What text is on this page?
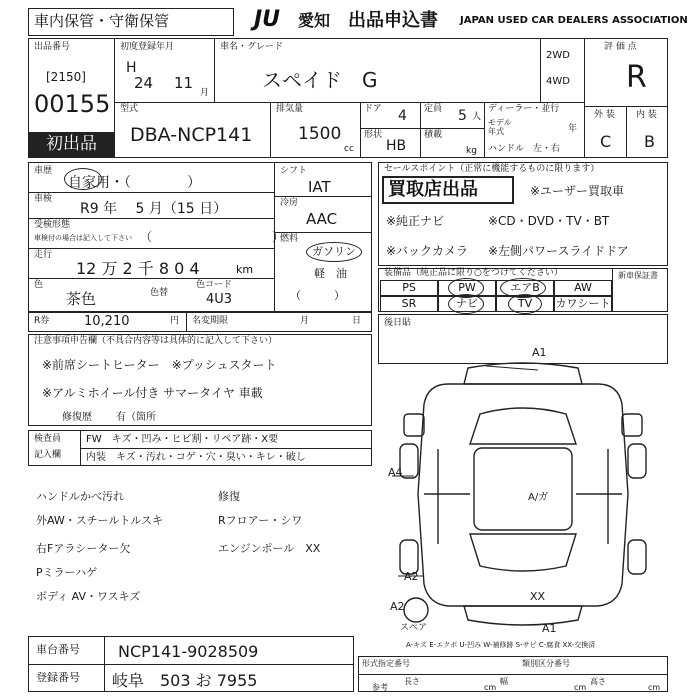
車内保管・守衛保管	JU 愛知 出品申込書 JAPAN USED CAR DEALERS ASSOCIATION
出品番号
[2150]
00155
初出品
初度登録年月
H
24 11
月
車名・グレード
スペイド　G
2WD
4WD
評 価 点
R
外 装 内 装
C B
型式
DBA-NCP141
排気量
1500
cc
ドア 4 定員 5 人
形状
HB
積載
kg
ディーラー・並行
モデル
年式	年
ハンドル　左・右
車歴
自家用・（　　　　）
車検
R9 年　 5 月（15 日）
受検形態
車検付の場合は記入して下さい （　　　　　　　　　　）
走行
12 万 2 千 8 0 4	km
色
茶色	色替
色コード
4U3
シフト
IAT
冷房
AAC
燃料
ガソリン
軽　油
（　　　）
R券	10,210	円 名変期限	月	日
セールスポイント（正常に機能するものに限ります）
買取店出品	※ユーザー買取車
※純正ナビ	※CD・DVD・TV・BT
※バックカメラ ※左側パワースライドドア
装備品（純正品に限り○をつけてください）	新車保証書
PS	PW	エアB	AW
SR	ナビ	TV	カワシート
注意事項申告欄（不具合内容等は具体的に記入して下さい）
※前席シートヒーター　※プッシュスタート
※アルミホイール付き サマータイヤ 車載
修復歴 有（箇所
後日貼
検査員
記入欄
FW　キズ・凹み・ヒビ割・リペア跡・X要
内装　キズ・汚れ・コゲ・穴・臭い・キレ・破し
ハンドルかべ汚れ
外AW・スチールトルスキ
右Fアラシーター欠
Pミラーハゲ
ボディ AV・ワスキズ
修復
Rフロアー・シワ
エンジンポール　XX
A1
A4
A2
A2
スペア	A1
XX
A/ガ
A-キズ E-エクボ U-凹み W-補修跡 S-サビ C-腐食 XX-交換済
車台番号 NCP141-9028509
登録番号 岐阜　503 お 7955
形式指定番号	類別区分番号
参考
長さ
cm
幅
cm
高さ
cm
